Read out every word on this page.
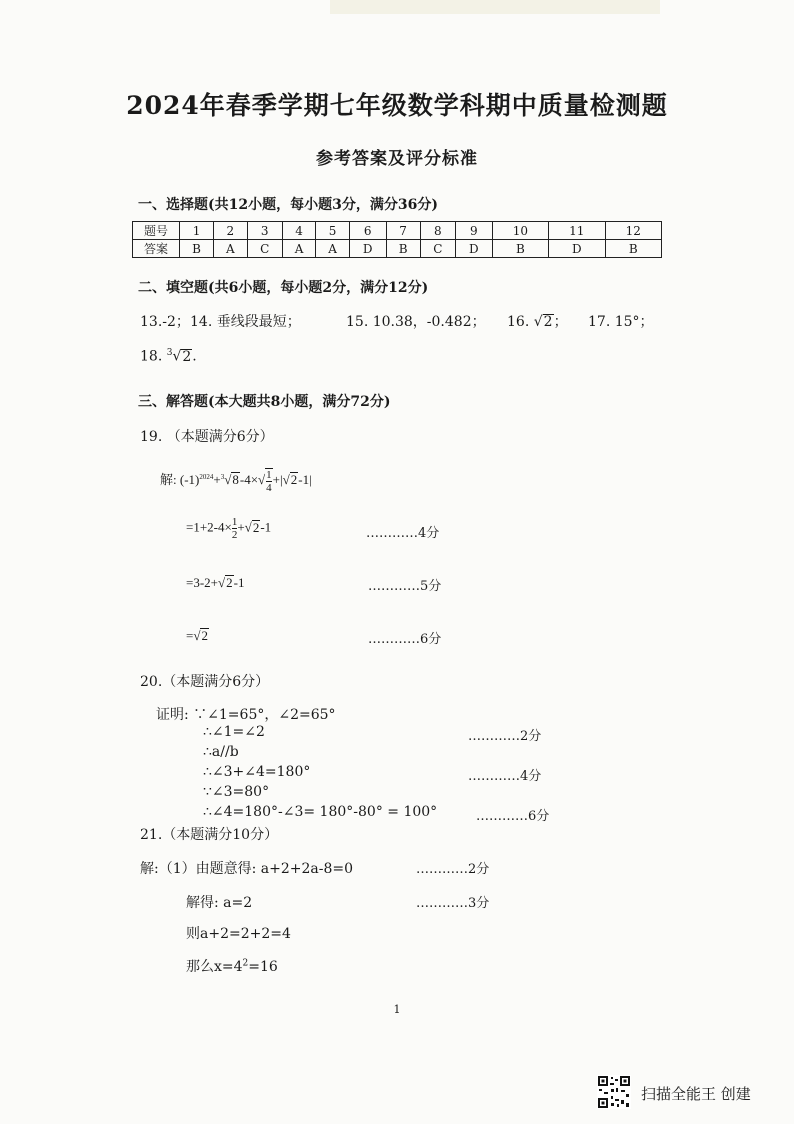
2024年春季学期七年级数学科期中质量检测题
参考答案及评分标准
一、选择题(共12小题，每小题3分，满分36分)
题号	1	2	3	4	5	6	7	8	9	10	11	12
答案	B	A	C	A	A	D	B	C	D	B	D	B
二、填空题(共6小题，每小题2分，满分12分)
13.-2； 14. 垂线段最短；	15. 10.38，-0.482； 16. √2； 17. 15°；
18. $^3$√2.
三、解答题(本大题共8小题，满分72分)
19. （本题满分6分）
解: $(-1)^{2024}+^3√8-4\times√ \frac{1}{4} +|√2-1|$
$=1+2-4\times \frac{1}{2} +√2-1$	…………4分
=3-2+√2-1	…………5分
=√2	…………6分
20.（本题满分6分）
证明: ∵∠1=65°，∠2=65°
∴∠1=∠2	…………2分
∴a//b
∴∠3+∠4=180°	…………4分
∵∠3=80°
∴∠4=180°-∠3= 180°-80° = 100°	…………6分
21.（本题满分10分）
解:（1）由题意得: a+2+2a-8=0	…………2分
解得: a=2	…………3分
则a+2=2+2=4
那么$x=4^2=16$
1
扫描全能王 创建
